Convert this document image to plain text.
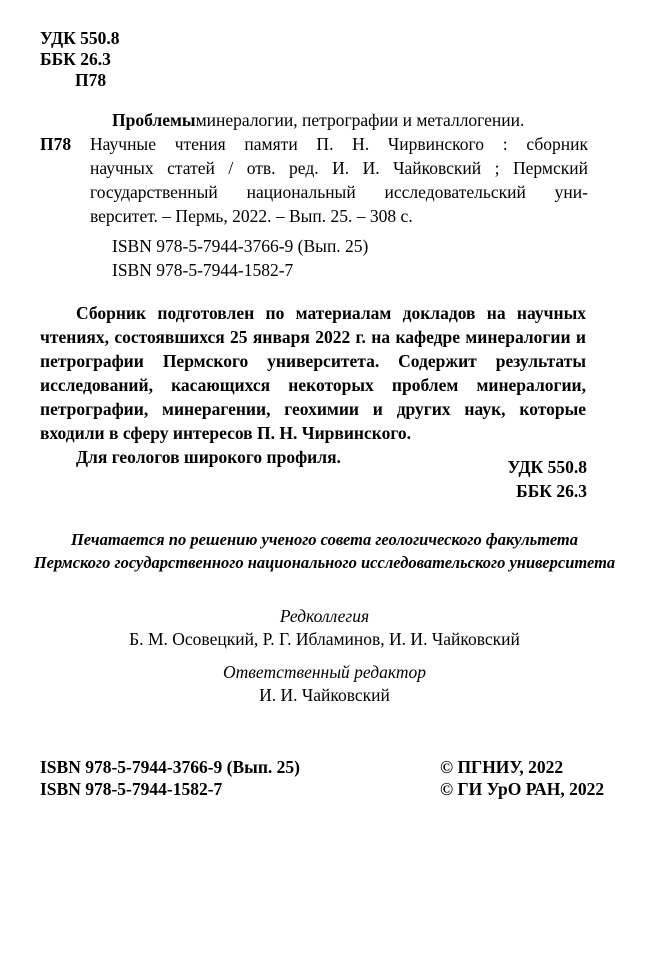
УДК 550.8
ББК 26.3
П78
Проблемы минералогии, петрографии и металлогении.
П78	Научные чтения памяти П. Н. Чирвинского : сборник
научных статей / отв. ред. И. И. Чайковский ; Пермский
государственный национальный исследовательский уни-
верситет. – Пермь, 2022. – Вып. 25. – 308 с.
ISBN 978-5-7944-3766-9 (Вып. 25)
ISBN 978-5-7944-1582-7

Сборник подготовлен по материалам докладов на научных чтениях, состоявшихся 25 января 2022 г. на кафедре минералогии и петрографии Пермского университета. Содержит результаты исследований, касающихся некоторых проблем минералогии, петрографии, минерагении, геохимии и других наук, которые входили в сферу интересов П. Н. Чирвинского.

Для геологов широкого профиля.	УДК 550.8
ББК 26.3
Печатается по решению ученого совета геологического факультета
Пермского государственного национального исследовательского университета
Редколлегия
Б. М. Осовецкий, Р. Г. Ибламинов, И. И. Чайковский
Ответственный редактор
И. И. Чайковский
ISBN 978-5-7944-3766-9 (Вып. 25)
ISBN 978-5-7944-1582-7
© ПГНИУ, 2022
© ГИ УрО РАН, 2022
